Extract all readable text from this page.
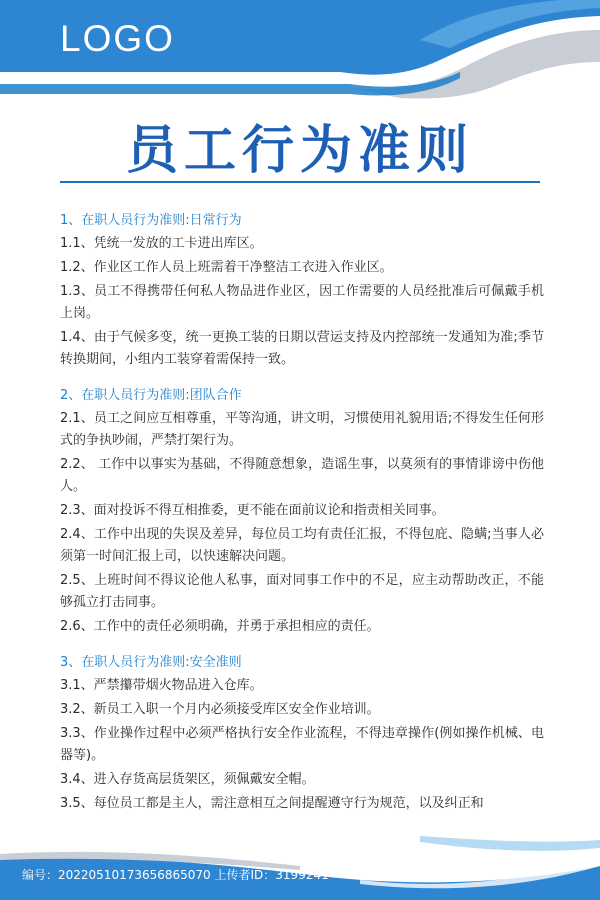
LOGO
员工行为准则
1、在职人员行为准则:日常行为

1.1、凭统一发放的工卡进出库区。

1.2、作业区工作人员上班需着干净整洁工衣进入作业区。

1.3、员工不得携带任何私人物品进作业区，因工作需要的人员经批准后可佩戴手机上岗。

1.4、由于气候多变，统一更换工装的日期以营运支持及内控部统一发通知为准;季节转换期间，小组内工装穿着需保持一致。

2、在职人员行为准则:团队合作

2.1、员工之间应互相尊重，平等沟通，讲文明，习惯使用礼貌用语;不得发生任何形式的争执吵闹，严禁打架行为。

2.2、 工作中以事实为基础，不得随意想象，造谣生事，以莫须有的事情诽谤中伤他人。

2.3、面对投诉不得互相推委，更不能在面前议论和指责相关同事。

2.4、工作中出现的失误及差异，每位员工均有责任汇报，不得包庇、隐螨;当事人必须第一时间汇报上司，以快速解决问题。

2.5、上班时间不得议论他人私事，面对同事工作中的不足，应主动帮助改正，不能够孤立打击同事。

2.6、工作中的责任必须明确，并勇于承担相应的责任。

3、在职人员行为准则:安全准则

3.1、严禁攥带烟火物品进入仓库。

3.2、新员工入职一个月内必须接受库区安全作业培训。

3.3、作业操作过程中必须严格执行安全作业流程，不得违章操作(例如操作机械、电器等)。

3.4、进入存货高层货架区，须佩戴安全帽。

3.5、每位员工都是主人，需注意相互之间提醒遵守行为规范，以及纠正和

编号：20220510173656865070 上传者ID：3199241
